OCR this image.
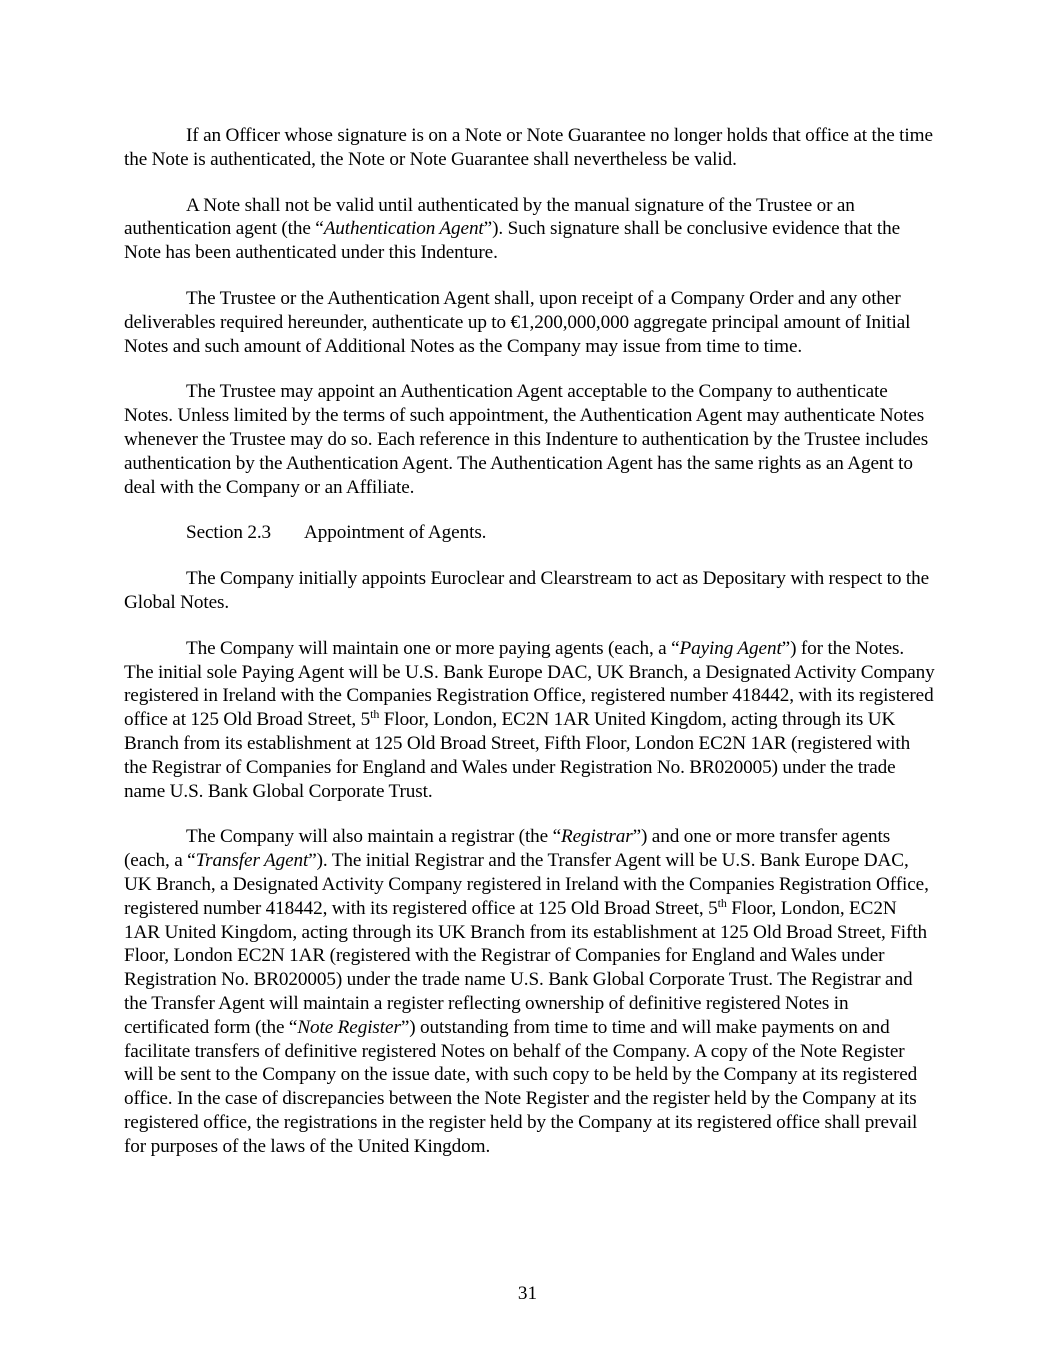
If an Officer whose signature is on a Note or Note Guarantee no longer holds that office at the time the Note is authenticated, the Note or Note Guarantee shall nevertheless be valid.

A Note shall not be valid until authenticated by the manual signature of the Trustee or an authentication agent (the “Authentication Agent”). Such signature shall be conclusive evidence that the Note has been authenticated under this Indenture.

The Trustee or the Authentication Agent shall, upon receipt of a Company Order and any other deliverables required hereunder, authenticate up to €1,200,000,000 aggregate principal amount of Initial Notes and such amount of Additional Notes as the Company may issue from time to time.

The Trustee may appoint an Authentication Agent acceptable to the Company to authenticate Notes. Unless limited by the terms of such appointment, the Authentication Agent may authenticate Notes whenever the Trustee may do so. Each reference in this Indenture to authentication by the Trustee includes authentication by the Authentication Agent. The Authentication Agent has the same rights as an Agent to deal with the Company or an Affiliate.

Section 2.3 Appointment of Agents.

The Company initially appoints Euroclear and Clearstream to act as Depositary with respect to the Global Notes.

The Company will maintain one or more paying agents (each, a “Paying Agent”) for the Notes. The initial sole Paying Agent will be U.S. Bank Europe DAC, UK Branch, a Designated Activity Company registered in Ireland with the Companies Registration Office, registered number 418442, with its registered office at 125 Old Broad Street, 5th Floor, London, EC2N 1AR United Kingdom, acting through its UK Branch from its establishment at 125 Old Broad Street, Fifth Floor, London EC2N 1AR (registered with the Registrar of Companies for England and Wales under Registration No. BR020005) under the trade name U.S. Bank Global Corporate Trust.

The Company will also maintain a registrar (the “Registrar”) and one or more transfer agents (each, a “Transfer Agent”). The initial Registrar and the Transfer Agent will be U.S. Bank Europe DAC, UK Branch, a Designated Activity Company registered in Ireland with the Companies Registration Office, registered number 418442, with its registered office at 125 Old Broad Street, 5th Floor, London, EC2N 1AR United Kingdom, acting through its UK Branch from its establishment at 125 Old Broad Street, Fifth Floor, London EC2N 1AR (registered with the Registrar of Companies for England and Wales under Registration No. BR020005) under the trade name U.S. Bank Global Corporate Trust. The Registrar and the Transfer Agent will maintain a register reflecting ownership of definitive registered Notes in certificated form (the “Note Register”) outstanding from time to time and will make payments on and facilitate transfers of definitive registered Notes on behalf of the Company. A copy of the Note Register will be sent to the Company on the issue date, with such copy to be held by the Company at its registered office. In the case of discrepancies between the Note Register and the register held by the Company at its registered office, the registrations in the register held by the Company at its registered office shall prevail for purposes of the laws of the United Kingdom.

31
